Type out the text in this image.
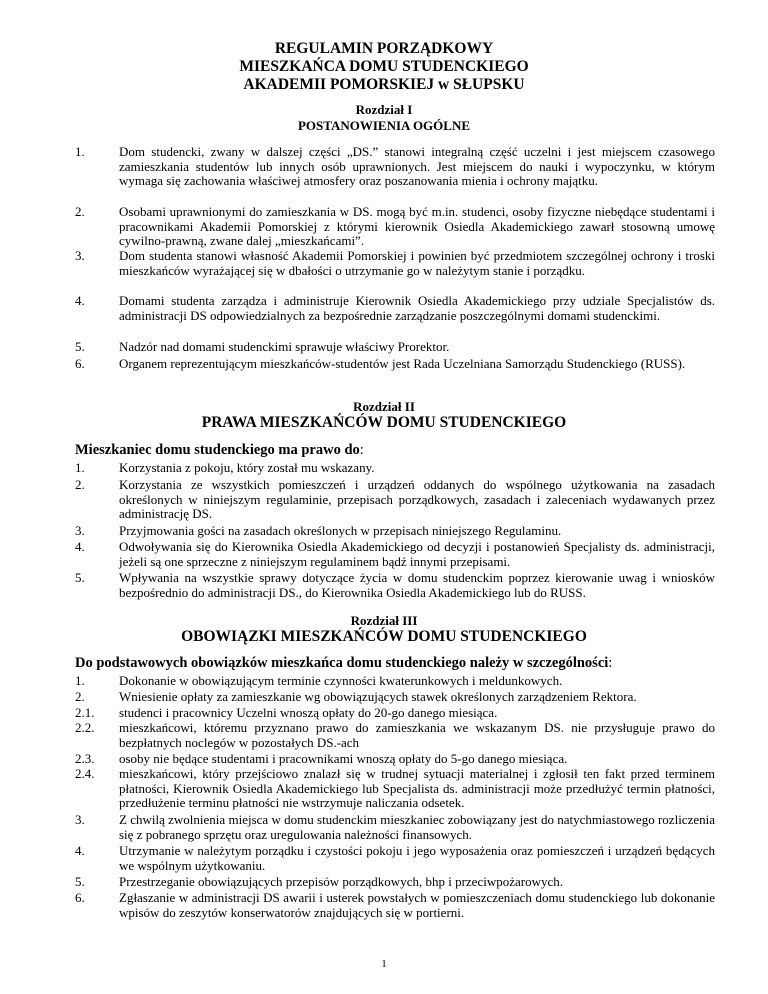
REGULAMIN PORZĄDKOWY
MIESZKAŃCA DOMU STUDENCKIEGO
AKADEMII POMORSKIEJ w SŁUPSKU
Rozdział I
POSTANOWIENIA OGÓLNE
1.	Dom studencki, zwany w dalszej części „DS.” stanowi integralną część uczelni i jest miejscem czasowego zamieszkania studentów lub innych osób uprawnionych. Jest miejscem do nauki i wypoczynku, w którym wymaga się zachowania właściwej atmosfery oraz poszanowania mienia i ochrony majątku.
2.	Osobami uprawnionymi do zamieszkania w DS. mogą być m.in. studenci, osoby fizyczne niebędące studentami i pracownikami Akademii Pomorskiej z którymi kierownik Osiedla Akademickiego zawarł stosowną umowę cywilno-prawną, zwane dalej „mieszkańcami”.
3.	Dom studenta stanowi własność Akademii Pomorskiej i powinien być przedmiotem szczególnej ochrony i troski mieszkańców wyrażającej się w dbałości o utrzymanie go w należytym stanie i porządku.
4.	Domami studenta zarządza i administruje Kierownik Osiedla Akademickiego przy udziale Specjalistów ds. administracji DS odpowiedzialnych za bezpośrednie zarządzanie poszczególnymi domami studenckimi.
5.	Nadzór nad domami studenckimi sprawuje właściwy Prorektor.
6.	Organem reprezentującym mieszkańców-studentów jest Rada Uczelniana Samorządu Studenckiego (RUSS).
Rozdział II
PRAWA MIESZKAŃCÓW DOMU STUDENCKIEGO
Mieszkaniec domu studenckiego ma prawo do:
1.	Korzystania z pokoju, który został mu wskazany.
2.	Korzystania ze wszystkich pomieszczeń i urządzeń oddanych do wspólnego użytkowania na zasadach określonych w niniejszym regulaminie, przepisach porządkowych, zasadach i zaleceniach wydawanych przez administrację DS.
3.	Przyjmowania gości na zasadach określonych w przepisach niniejszego Regulaminu.
4.	Odwoływania się do Kierownika Osiedla Akademickiego od decyzji i postanowień Specjalisty ds. administracji, jeżeli są one sprzeczne z niniejszym regulaminem bądź innymi przepisami.
5.	Wpływania na wszystkie sprawy dotyczące życia w domu studenckim poprzez kierowanie uwag i wniosków bezpośrednio do administracji DS., do Kierownika Osiedla Akademickiego lub do RUSS.
Rozdział III
OBOWIĄZKI MIESZKAŃCÓW DOMU STUDENCKIEGO
Do podstawowych obowiązków mieszkańca domu studenckiego należy w szczególności:
1.	Dokonanie w obowiązującym terminie czynności kwaterunkowych i meldunkowych.
2.	Wniesienie opłaty za zamieszkanie wg obowiązujących stawek określonych zarządzeniem Rektora.
2.1.	studenci i pracownicy Uczelni wnoszą opłaty do 20-go danego miesiąca.
2.2.	mieszkańcowi, któremu przyznano prawo do zamieszkania we wskazanym DS. nie przysługuje prawo do bezpłatnych noclegów w pozostałych DS.-ach
2.3.	osoby nie będące studentami i pracownikami wnoszą opłaty do 5-go danego miesiąca.
2.4.	mieszkańcowi, który przejściowo znalazł się w trudnej sytuacji materialnej i zgłosił ten fakt przed terminem płatności, Kierownik Osiedla Akademickiego lub Specjalista ds. administracji może przedłużyć termin płatności, przedłużenie terminu płatności nie wstrzymuje naliczania odsetek.
3.	Z chwilą zwolnienia miejsca w domu studenckim mieszkaniec zobowiązany jest do natychmiastowego rozliczenia się z pobranego sprzętu oraz uregulowania należności finansowych.
4.	Utrzymanie w należytym porządku i czystości pokoju i jego wyposażenia oraz pomieszczeń i urządzeń będących we wspólnym użytkowaniu.
5.	Przestrzeganie obowiązujących przepisów porządkowych, bhp i przeciwpożarowych.
6.	Zgłaszanie w administracji DS awarii i usterek powstałych w pomieszczeniach domu studenckiego lub dokonanie wpisów do zeszytów konserwatorów znajdujących się w portierni.
1
